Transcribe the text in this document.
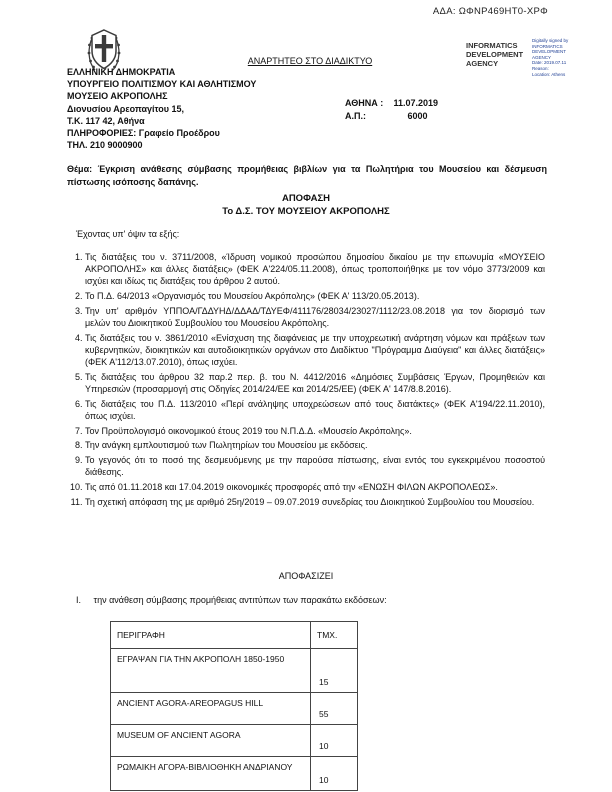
ΑΔΑ: ΩΦΝΡ469ΗΤ0-ΧΡΦ
ΑΝΑΡΤΗΤΕΟ ΣΤΟ ΔΙΑΔΙΚΤΥΟ
INFORMATICS DEVELOPMENT AGENCY
Digitally signed by INFORMATICS DEVELOPMENT AGENCY
Date: 2019.07.11
Reason:
Location: Athens
ΕΛΛΗΝΙΚΗ ΔΗΜΟΚΡΑΤΙΑ
ΥΠΟΥΡΓΕΙΟ ΠΟΛΙΤΙΣΜΟΥ ΚΑΙ ΑΘΛΗΤΙΣΜΟΥ
ΜΟΥΣΕΙΟ ΑΚΡΟΠΟΛΗΣ
Διονυσίου Αρεοπαγίτου 15,
Τ.Κ. 117 42, Αθήνα
ΠΛΗΡΟΦΟΡΙΕΣ: Γραφείο Προέδρου
ΤΗΛ. 210 9000900
ΑΘΗΝΑ : 11.07.2019
Α.Π.:	6000
Θέμα: Έγκριση ανάθεσης σύμβασης προμήθειας βιβλίων για τα Πωλητήρια του Μουσείου και δέσμευση πίστωσης ισόποσης δαπάνης.
ΑΠΟΦΑΣΗ
Το Δ.Σ. ΤΟΥ ΜΟΥΣΕΙΟΥ ΑΚΡΟΠΟΛΗΣ
Έχοντας υπ' όψιν τα εξής:
1. Τις διατάξεις του ν. 3711/2008, «Ίδρυση νομικού προσώπου δημοσίου δικαίου με την επωνυμία «ΜΟΥΣΕΙΟ ΑΚΡΟΠΟΛΗΣ» και άλλες διατάξεις» (ΦΕΚ Α'224/05.11.2008), όπως τροποποιήθηκε με τον νόμο 3773/2009 και ισχύει και ιδίως τις διατάξεις του άρθρου 2 αυτού.
2. Το Π.Δ. 64/2013 «Οργανισμός του Μουσείου Ακρόπολης» (ΦΕΚ Α' 113/20.05.2013).
3. Την υπ' αριθμόν ΥΠΠΟΑ/ΓΔΔΥΗΔ/ΔΔΑΔ/ΤΔΥΕΦ/411176/28034/23027/1112/23.08.2018 για τον διορισμό των μελών του Διοικητικού Συμβουλίου του Μουσείου Ακρόπολης.
4. Τις διατάξεις του ν. 3861/2010 «Ενίσχυση της διαφάνειας με την υποχρεωτική ανάρτηση νόμων και πράξεων των κυβερνητικών, διοικητικών και αυτοδιοικητικών οργάνων στο Διαδίκτυο "Πρόγραμμα Διαύγεια" και άλλες διατάξεις» (ΦΕΚ Α'112/13.07.2010), όπως ισχύει.
5. Τις διατάξεις του άρθρου 32 παρ.2 περ. β. του Ν. 4412/2016 «Δημόσιες Συμβάσεις Έργων, Προμηθειών και Υπηρεσιών (προσαρμογή στις Οδηγίες 2014/24/ΕΕ και 2014/25/ΕΕ) (ΦΕΚ Α' 147/8.8.2016).
6. Τις διατάξεις του Π.Δ. 113/2010 «Περί ανάληψης υποχρεώσεων από τους διατάκτες» (ΦΕΚ Α'194/22.11.2010), όπως ισχύει.
7. Τον Προϋπολογισμό οικονομικού έτους 2019 του Ν.Π.Δ.Δ. «Μουσείο Ακρόπολης».
8. Την ανάγκη εμπλουτισμού των Πωλητηρίων του Μουσείου με εκδόσεις.
9. Το γεγονός ότι το ποσό της δεσμευόμενης με την παρούσα πίστωσης, είναι εντός του εγκεκριμένου ποσοστού διάθεσης.
10. Τις από 01.11.2018 και 17.04.2019 οικονομικές προσφορές από την «ΕΝΩΣΗ ΦΙΛΩΝ ΑΚΡΟΠΟΛΕΩΣ».
11. Τη σχετική απόφαση της με αριθμό 25η/2019 – 09.07.2019 συνεδρίας του Διοικητικού Συμβουλίου του Μουσείου.
ΑΠΟΦΑΣΙΖΕΙ
Ι. την ανάθεση σύμβασης προμήθειας αντιτύπων των παρακάτω εκδόσεων:
ΠΕΡΙΓΡΑΦΗ	ΤΜΧ.
ΕΓΡΑΨΑΝ ΓΙΑ ΤΗΝ ΑΚΡΟΠΟΛΗ 1850-1950	15
ANCIENT AGORA-AREOPAGUS HILL	55
MUSEUM OF ANCIENT AGORA	10
ΡΩΜΑΙΚΗ ΑΓΟΡΑ-ΒΙΒΛΙΟΘΗΚΗ ΑΝΔΡΙΑΝΟΥ	10
